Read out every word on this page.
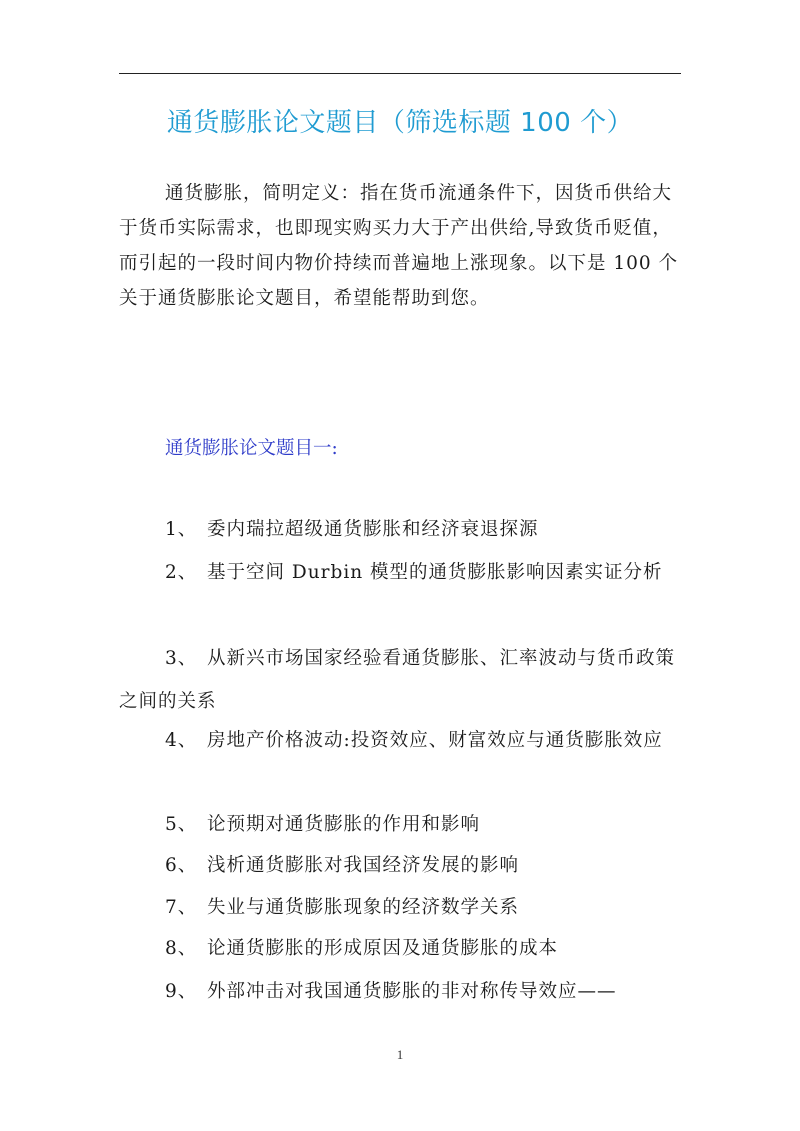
通货膨胀论文题目（筛选标题 100 个）

通货膨胀，简明定义：指在货币流通条件下，因货币供给大于货币实际需求，也即现实购买力大于产出供给,导致货币贬值，而引起的一段时间内物价持续而普遍地上涨现象。以下是 100 个关于通货膨胀论文题目，希望能帮助到您。

通货膨胀论文题目一:

1、 委内瑞拉超级通货膨胀和经济衰退探源

2、 基于空间 Durbin 模型的通货膨胀影响因素实证分析

3、 从新兴市场国家经验看通货膨胀、汇率波动与货币政策之间的关系

4、 房地产价格波动:投资效应、财富效应与通货膨胀效应

5、 论预期对通货膨胀的作用和影响

6、 浅析通货膨胀对我国经济发展的影响

7、 失业与通货膨胀现象的经济数学关系

8、 论通货膨胀的形成原因及通货膨胀的成本

9、 外部冲击对我国通货膨胀的非对称传导效应——

1
